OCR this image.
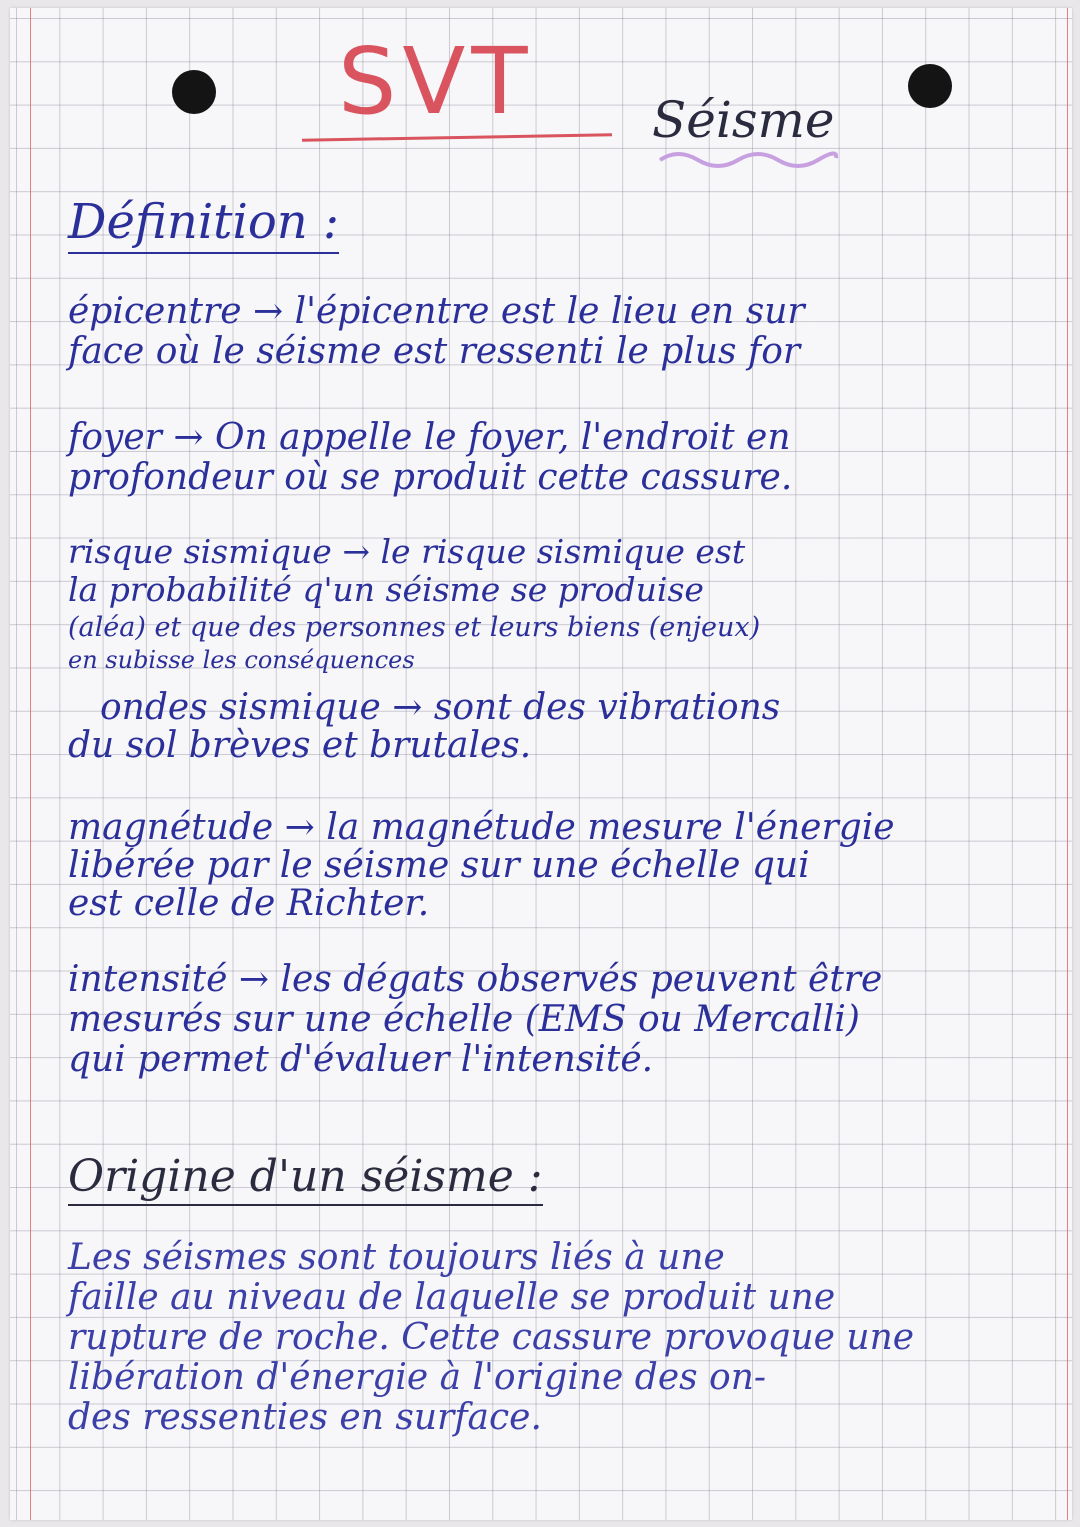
SVT Séisme
Définition :
épicentre → l'épicentre est le lieu en sur
face où le séisme est ressenti le plus for
foyer → On appelle le foyer, l'endroit en
profondeur où se produit cette cassure.
risque sismique → le risque sismique est
la probabilité q'un séisme se produise
(aléa) et que des personnes et leurs biens (enjeux)
en subisse les conséquences
ondes sismique → sont des vibrations
du sol brèves et brutales.
magnétude → la magnétude mesure l'énergie
libérée par le séisme sur une échelle qui
est celle de Richter.
intensité → les dégats observés peuvent être
mesurés sur une échelle (EMS ou Mercalli)
qui permet d'évaluer l'intensité.
Origine d'un séisme :
Les séismes sont toujours liés à une
faille au niveau de laquelle se produit une
rupture de roche. Cette cassure provoque une
libération d'énergie à l'origine des on-
des ressenties en surface.
